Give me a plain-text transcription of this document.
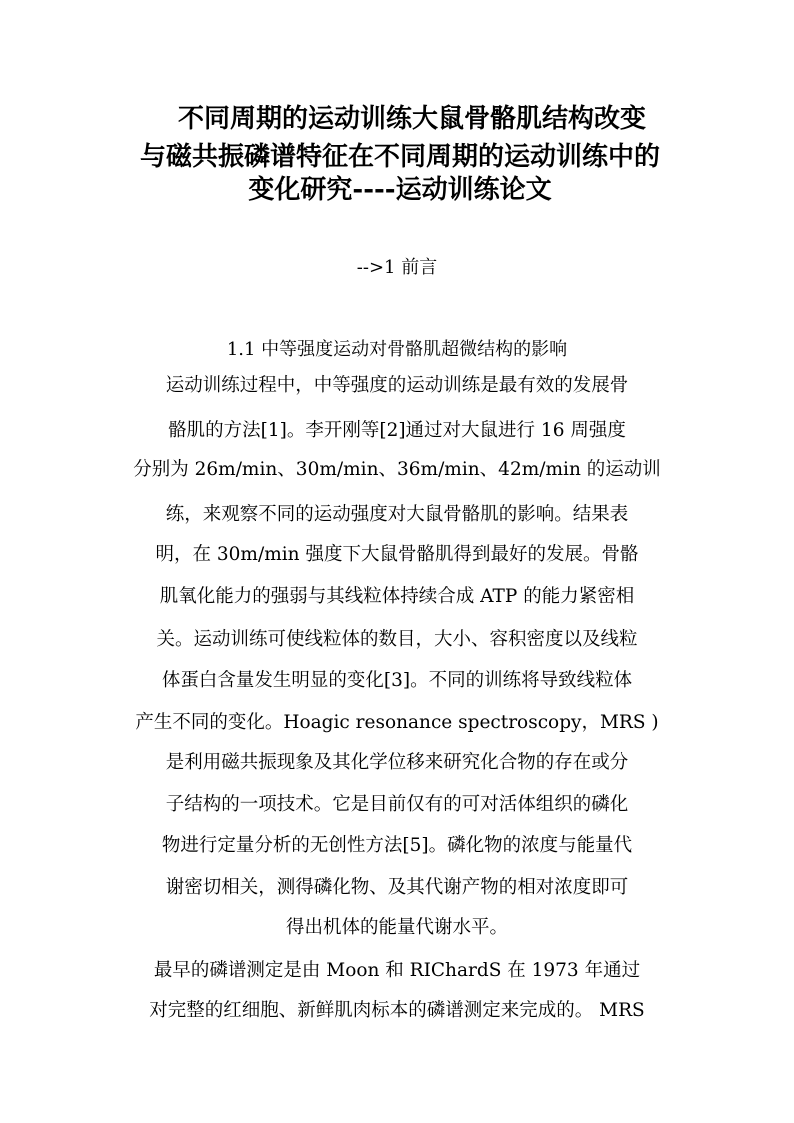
不同周期的运动训练大鼠骨骼肌结构改变
与磁共振磷谱特征在不同周期的运动训练中的
变化研究----运动训练论文

-->1 前言

1.1 中等强度运动对骨骼肌超微结构的影响

运动训练过程中，中等强度的运动训练是最有效的发展骨

骼肌的方法[1]。李开刚等[2]通过对大鼠进行 16 周强度

分别为 26m/min、30m/min、36m/min、42m/min 的运动训

练，来观察不同的运动强度对大鼠骨骼肌的影响。结果表

明，在 30m/min 强度下大鼠骨骼肌得到最好的发展。骨骼

肌氧化能力的强弱与其线粒体持续合成 ATP 的能力紧密相

关。运动训练可使线粒体的数目，大小、容积密度以及线粒

体蛋白含量发生明显的变化[3]。不同的训练将导致线粒体

产生不同的变化。Hoagic resonance spectroscopy，MRS )

是利用磁共振现象及其化学位移来研究化合物的存在或分

子结构的一项技术。它是目前仅有的可对活体组织的磷化

物进行定量分析的无创性方法[5]。磷化物的浓度与能量代

谢密切相关，测得磷化物、及其代谢产物的相对浓度即可

得出机体的能量代谢水平。

最早的磷谱测定是由 Moon 和 RIChardS 在 1973 年通过

对完整的红细胞、新鲜肌肉标本的磷谱测定来完成的。 MRS
